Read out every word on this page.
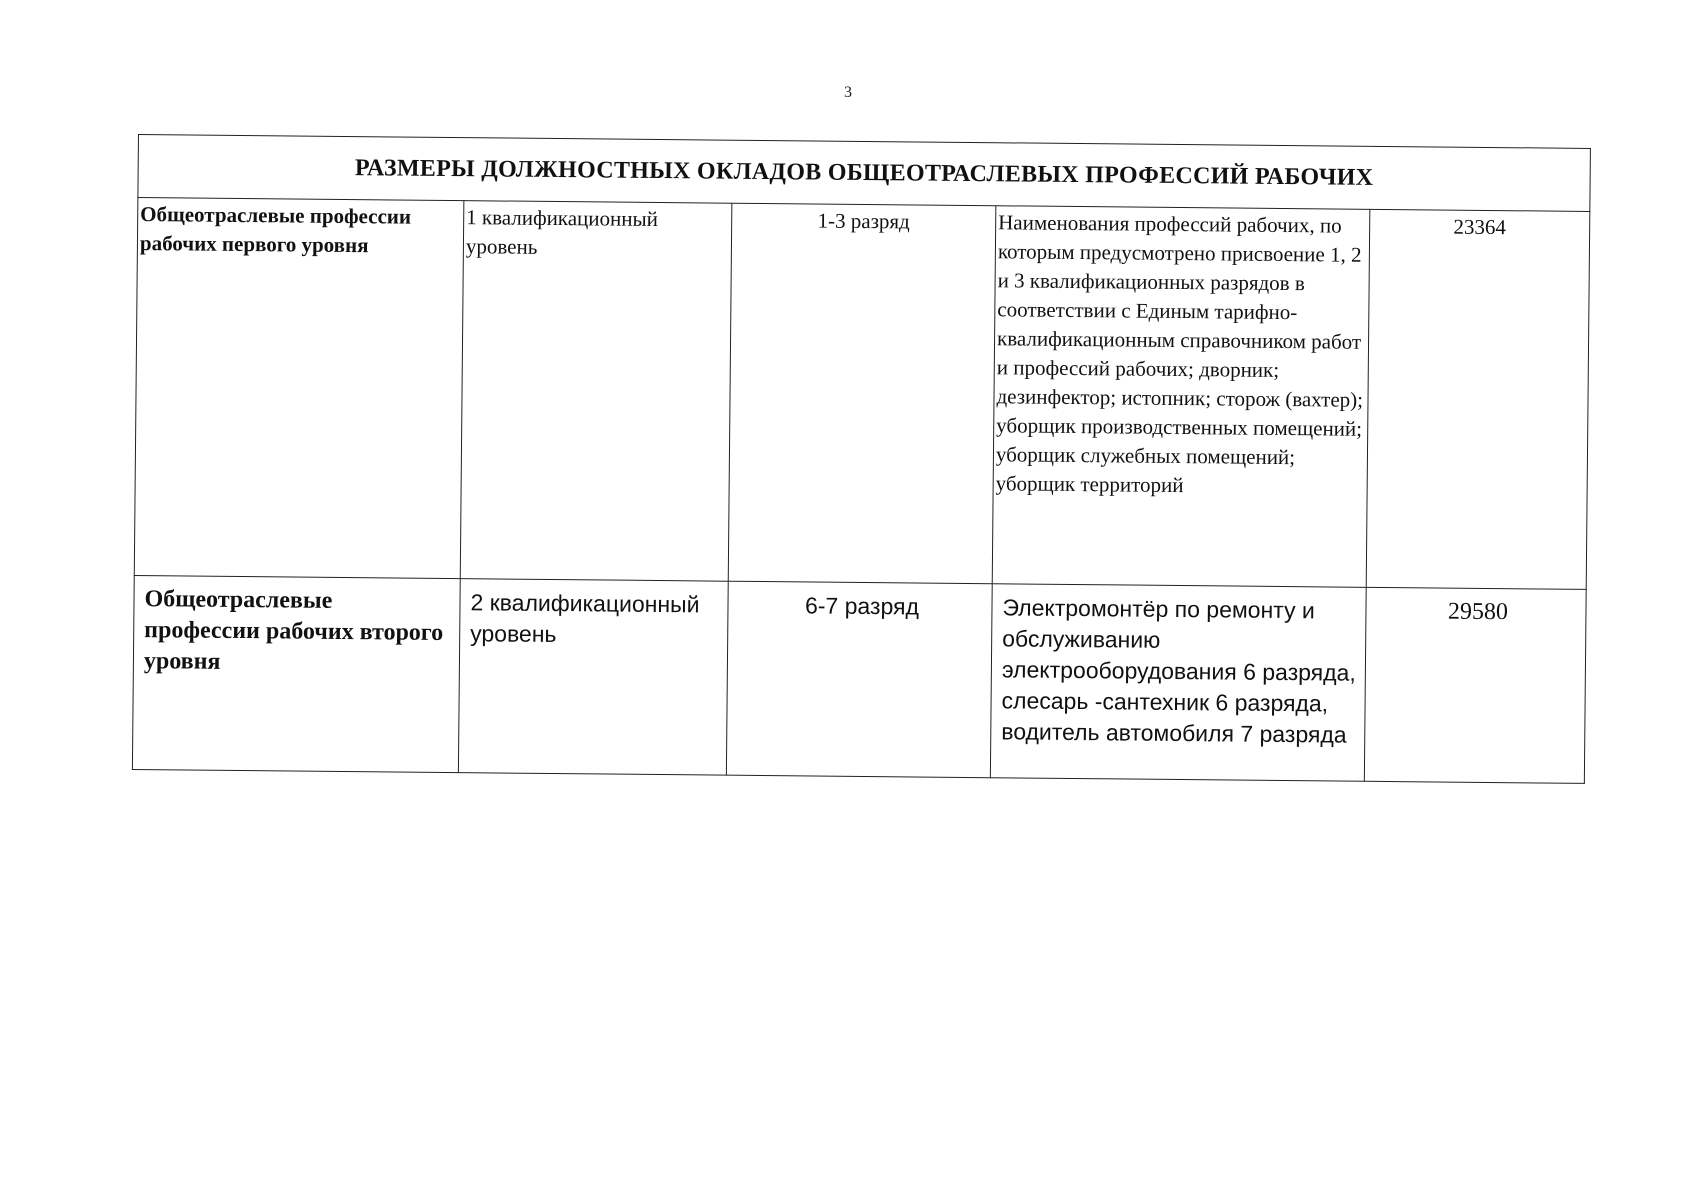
3
РАЗМЕРЫ ДОЛЖНОСТНЫХ ОКЛАДОВ ОБЩЕОТРАСЛЕВЫХ ПРОФЕССИЙ РАБОЧИХ				
Общеотраслевые профессии рабочих первого уровня	1 квалификационный уровень	1-3 разряд	Наименования профессий рабочих, по которым предусмотрено присвоение 1, 2 и 3 квалификационных разрядов в соответствии с Единым тарифно-квалификационным справочником работ и профессий рабочих; дворник; дезинфектор; истопник; сторож (вахтер); уборщик производственных помещений; уборщик служебных помещений; уборщик территорий	23364
Общеотраслевые профессии рабочих второго уровня	2 квалификационный уровень	6-7 разряд	Электромонтёр по ремонту и обслуживанию электрооборудования 6 разряда, слесарь -сантехник 6 разряда, водитель автомобиля 7 разряда	29580
